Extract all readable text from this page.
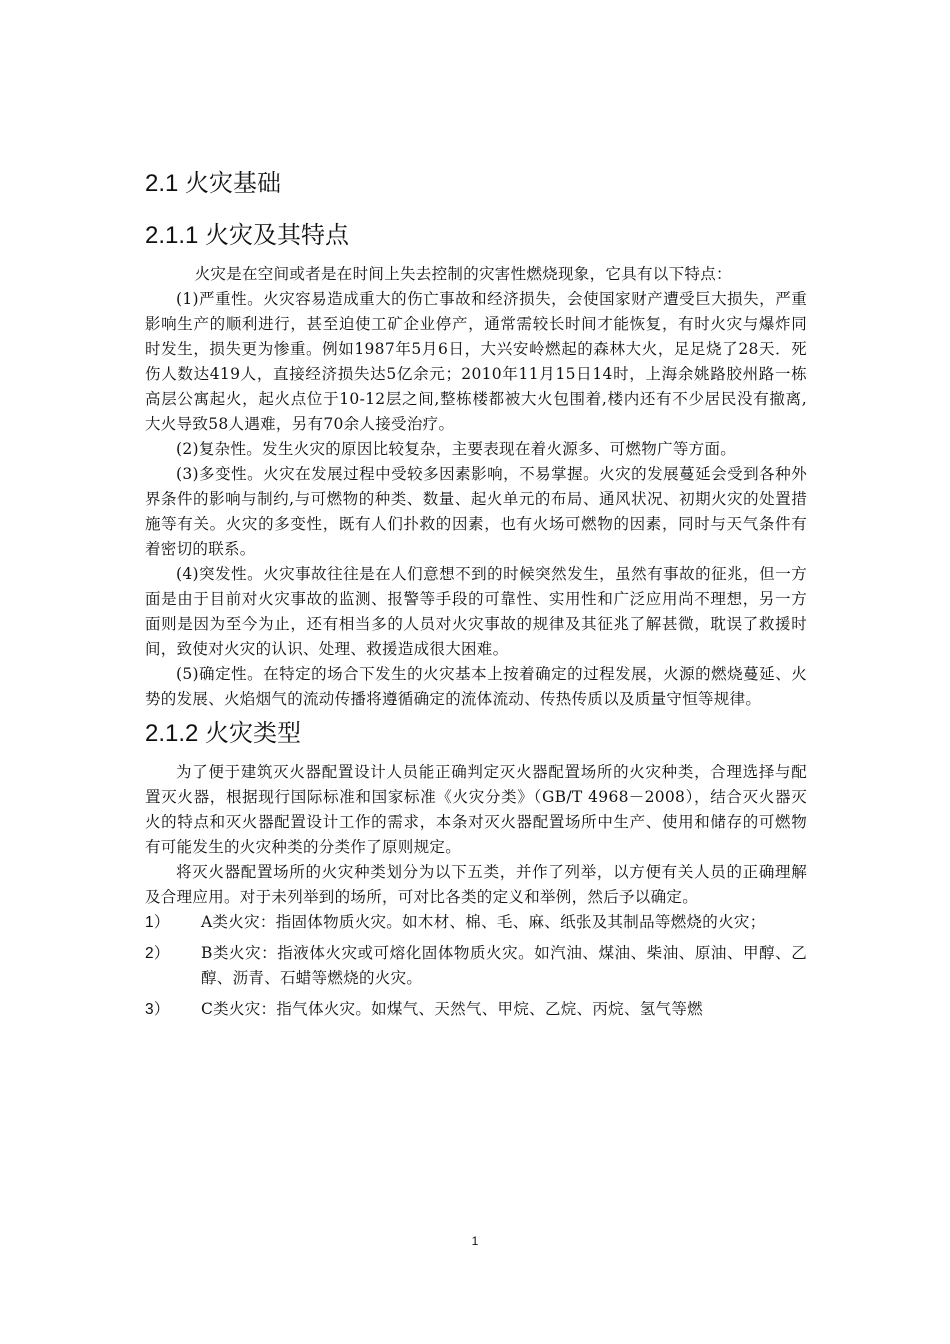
2.1 火灾基础
2.1.1 火灾及其特点

火灾是在空间或者是在时间上失去控制的灾害性燃烧现象，它具有以下特点：

(1)严重性。火灾容易造成重大的伤亡事故和经济损失，会使国家财产遭受巨大损失，严重影响生产的顺利进行，甚至迫使工矿企业停产，通常需较长时间才能恢复，有时火灾与爆炸同时发生，损失更为惨重。例如1987年5月6日，大兴安岭燃起的森林大火，足足烧了28天．死伤人数达419人，直接经济损失达5亿余元；2010年11月15日14时，上海余姚路胶州路一栋高层公寓起火，起火点位于10-12层之间,整栋楼都被大火包围着,楼内还有不少居民没有撤离,大火导致58人遇难，另有70余人接受治疗。

(2)复杂性。发生火灾的原因比较复杂，主要表现在着火源多、可燃物广等方面。

(3)多变性。火灾在发展过程中受较多因素影响，不易掌握。火灾的发展蔓延会受到各种外界条件的影响与制约,与可燃物的种类、数量、起火单元的布局、通风状况、初期火灾的处置措施等有关。火灾的多变性，既有人们扑救的因素，也有火场可燃物的因素，同时与天气条件有着密切的联系。

(4)突发性。火灾事故往往是在人们意想不到的时候突然发生，虽然有事故的征兆，但一方面是由于目前对火灾事故的监测、报警等手段的可靠性、实用性和广泛应用尚不理想，另一方面则是因为至今为止，还有相当多的人员对火灾事故的规律及其征兆了解甚微，耽误了救援时间，致使对火灾的认识、处理、救援造成很大困难。

(5)确定性。在特定的场合下发生的火灾基本上按着确定的过程发展，火源的燃烧蔓延、火势的发展、火焰烟气的流动传播将遵循确定的流体流动、传热传质以及质量守恒等规律。

2.1.2 火灾类型

为了便于建筑灭火器配置设计人员能正确判定灭火器配置场所的火灾种类，合理选择与配置灭火器，根据现行国际标准和国家标准《火灾分类》（GB/T 4968－2008），结合灭火器灭火的特点和灭火器配置设计工作的需求，本条对灭火器配置场所中生产、使用和储存的可燃物有可能发生的火灾种类的分类作了原则规定。

将灭火器配置场所的火灾种类划分为以下五类，并作了列举，以方便有关人员的正确理解及合理应用。对于未列举到的场所，可对比各类的定义和举例，然后予以确定。

1）	A类火灾：指固体物质火灾。如木材、棉、毛、麻、纸张及其制品等燃烧的火灾；
2）	B类火灾：指液体火灾或可熔化固体物质火灾。如汽油、煤油、柴油、原油、甲醇、乙醇、沥青、石蜡等燃烧的火灾。
3）	C类火灾：指气体火灾。如煤气、天然气、甲烷、乙烷、丙烷、氢气等燃
1
